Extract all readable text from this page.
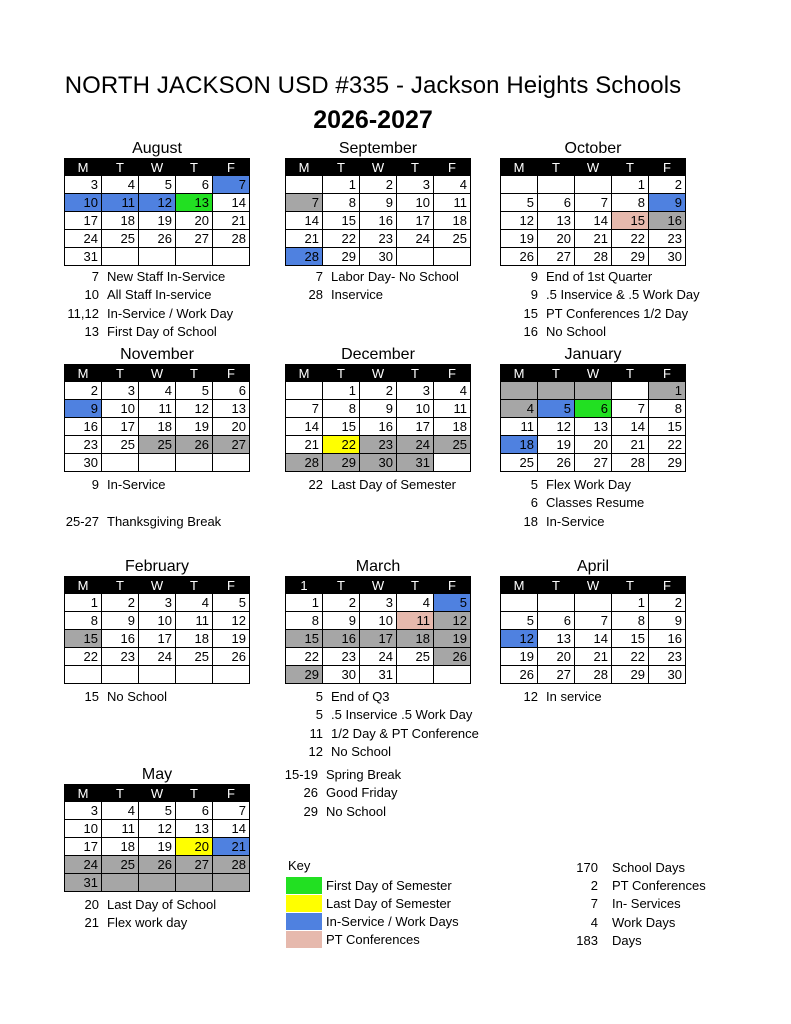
NORTH JACKSON USD #335 - Jackson Heights Schools
2026-2027
August
M	T	W	T	F
3	4	5	6	7
10	11	12	13	14
17	18	19	20	21
24	25	26	27	28
31				
7 New Staff In-Service
10 All Staff In-service
11,12 In-Service / Work Day
13 First Day of School
September
M	T	W	T	F
	1	2	3	4
7	8	9	10	11
14	15	16	17	18
21	22	23	24	25
28	29	30		
7 Labor Day- No School
28 Inservice
October
M	T	W	T	F
			1	2
5	6	7	8	9
12	13	14	15	16
19	20	21	22	23
26	27	28	29	30
9 End of 1st Quarter
9 .5 Inservice & .5 Work Day
15 PT Conferences 1/2 Day
16 No School
November
M	T	W	T	F
2	3	4	5	6
9	10	11	12	13
16	17	18	19	20
23	25	25	26	27
30				
9 In-Service
25-27 Thanksgiving Break
December
M	T	W	T	F
	1	2	3	4
7	8	9	10	11
14	15	16	17	18
21	22	23	24	25
28	29	30	31	
22 Last Day of Semester
January
M	T	W	T	F
				1
4	5	6	7	8
11	12	13	14	15
18	19	20	21	22
25	26	27	28	29
5 Flex Work Day
6 Classes Resume
18 In-Service
February
M	T	W	T	F
1	2	3	4	5
8	9	10	11	12
15	16	17	18	19
22	23	24	25	26

15 No School
March
1	T	W	T	F
1	2	3	4	5
8	9	10	11	12
15	16	17	18	19
22	23	24	25	26
29	30	31		
5 End of Q3
5 .5 Inservice .5 Work Day
11 1/2 Day & PT Conference
12 No School
April
M	T	W	T	F
			1	2
5	6	7	8	9
12	13	14	15	16
19	20	21	22	23
26	27	28	29	30
12 In service
May
M	T	W	T	F
3	4	5	6	7
10	11	12	13	14
17	18	19	20	21
24	25	26	27	28
31				
20 Last Day of School
21 Flex work day
15-19 Spring Break
26 Good Friday
29 No School
Key
First Day of Semester
Last Day of Semester
In-Service / Work Days
PT Conferences
170	School Days
2	PT Conferences
7	In- Services
4	Work Days
183	Days
